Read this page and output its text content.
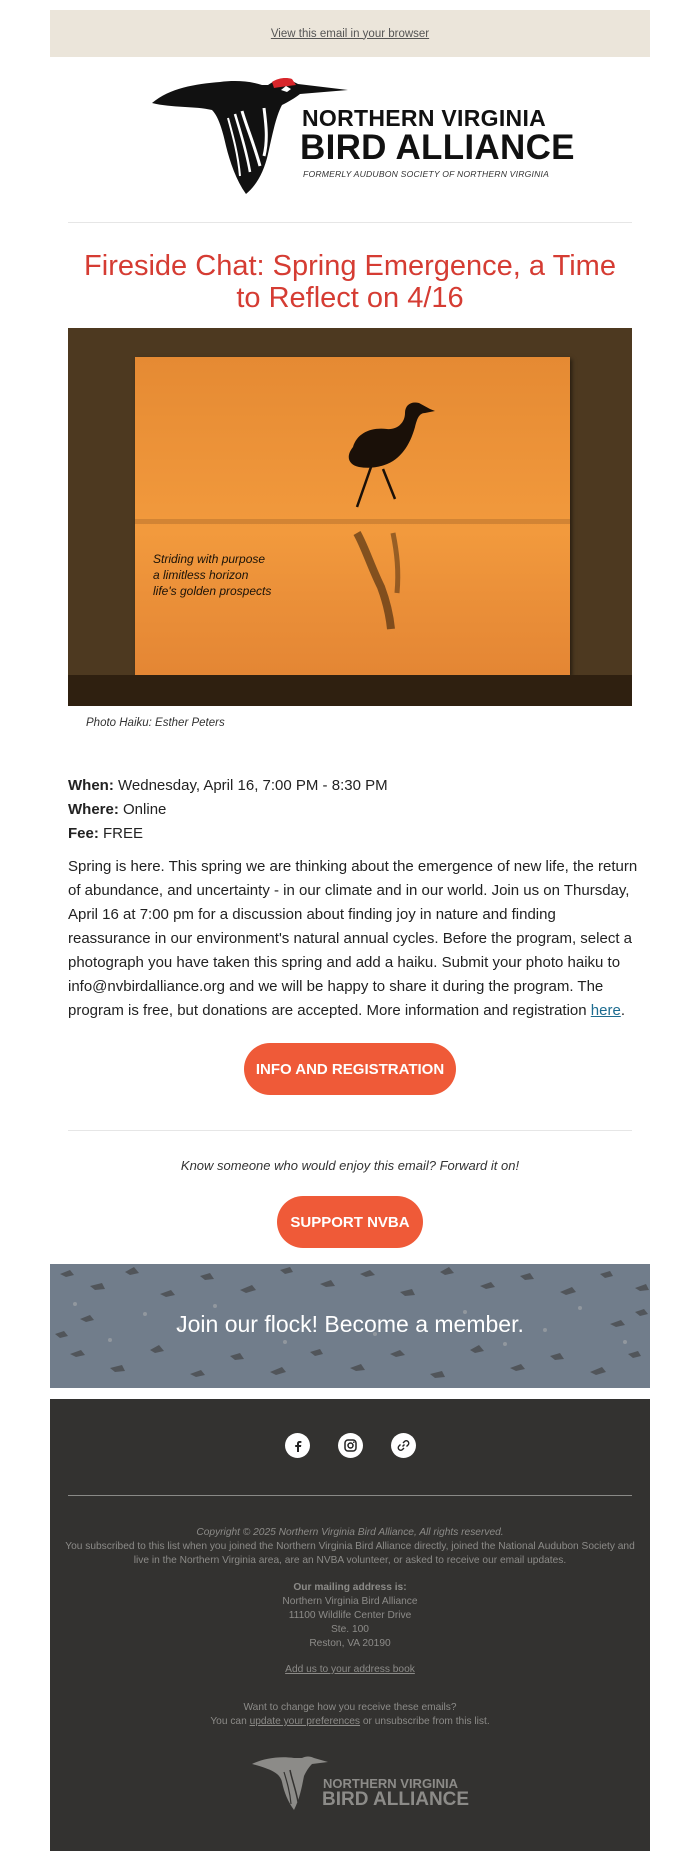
View this email in your browser
NORTHERN VIRGINIA
BIRD ALLIANCE
FORMERLY AUDUBON SOCIETY OF NORTHERN VIRGINIA
Fireside Chat: Spring Emergence, a Time to Reflect on 4/16
Striding with purpose
a limitless horizon
life's golden prospects
Photo Haiku: Esther Peters
When: Wednesday, April 16, 7:00 PM - 8:30 PM
Where: Online
Fee: FREE
Spring is here. This spring we are thinking about the emergence of new life, the return of abundance, and uncertainty - in our climate and in our world. Join us on Thursday, April 16 at 7:00 pm for a discussion about finding joy in nature and finding reassurance in our environment's natural annual cycles. Before the program, select a photograph you have taken this spring and add a haiku. Submit your photo haiku to info@nvbirdalliance.org and we will be happy to share it during the program. The program is free, but donations are accepted. More information and registration here.
INFO AND REGISTRATION
Know someone who would enjoy this email? Forward it on!
SUPPORT NVBA
Join our flock! Become a member.
Copyright © 2025 Northern Virginia Bird Alliance, All rights reserved.
You subscribed to this list when you joined the Northern Virginia Bird Alliance directly, joined the National Audubon Society and live in the Northern Virginia area, are an NVBA volunteer, or asked to receive our email updates.
Our mailing address is:
Northern Virginia Bird Alliance
11100 Wildlife Center Drive
Ste. 100
Reston, VA 20190
Add us to your address book
Want to change how you receive these emails?
You can update your preferences or unsubscribe from this list.
NORTHERN VIRGINIA
BIRD ALLIANCE
